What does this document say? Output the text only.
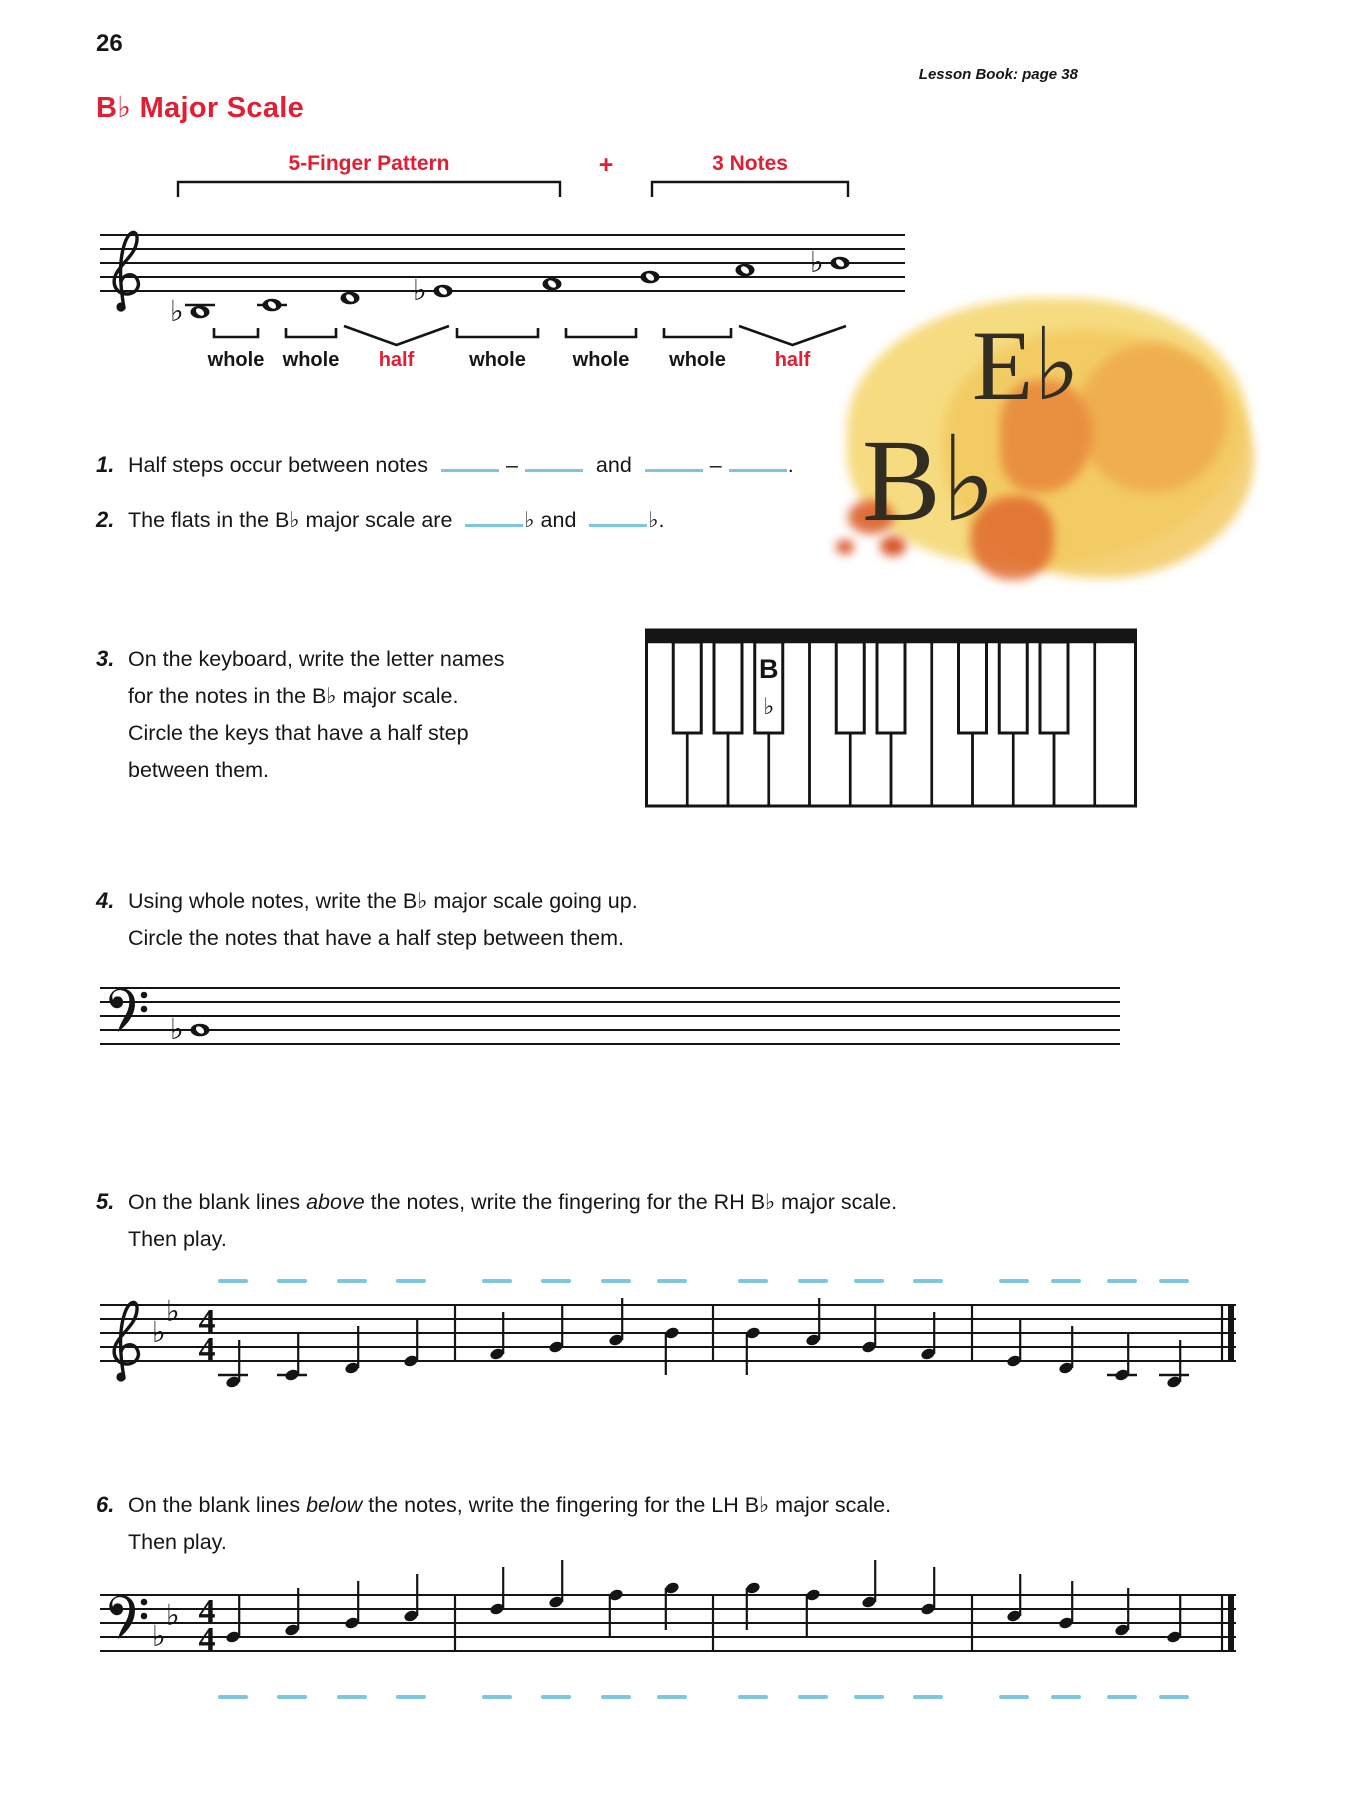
26
Lesson Book: page 38
B♭ Major Scale
5-Finger Pattern	+	3 Notes
♭
♭
♭
whole whole half	whole whole whole half E♭
B♭
1. Half steps occur between notes	–	and	–	.
2. The flats in the B♭ major scale are	♭ and	♭.
3. On the keyboard, write the letter names
for the notes in the B♭ major scale.
Circle the keys that have a half step
between them.
B
♭
4. Using whole notes, write the B♭ major scale going up.
Circle the notes that have a half step between them.
♭
5. On the blank lines above the notes, write the fingering for the RH B♭ major scale.
Then play.
♭
♭ 4
4
6. On the blank lines below the notes, write the fingering for the LH B♭ major scale.
Then play.
♭
♭ 4
4
